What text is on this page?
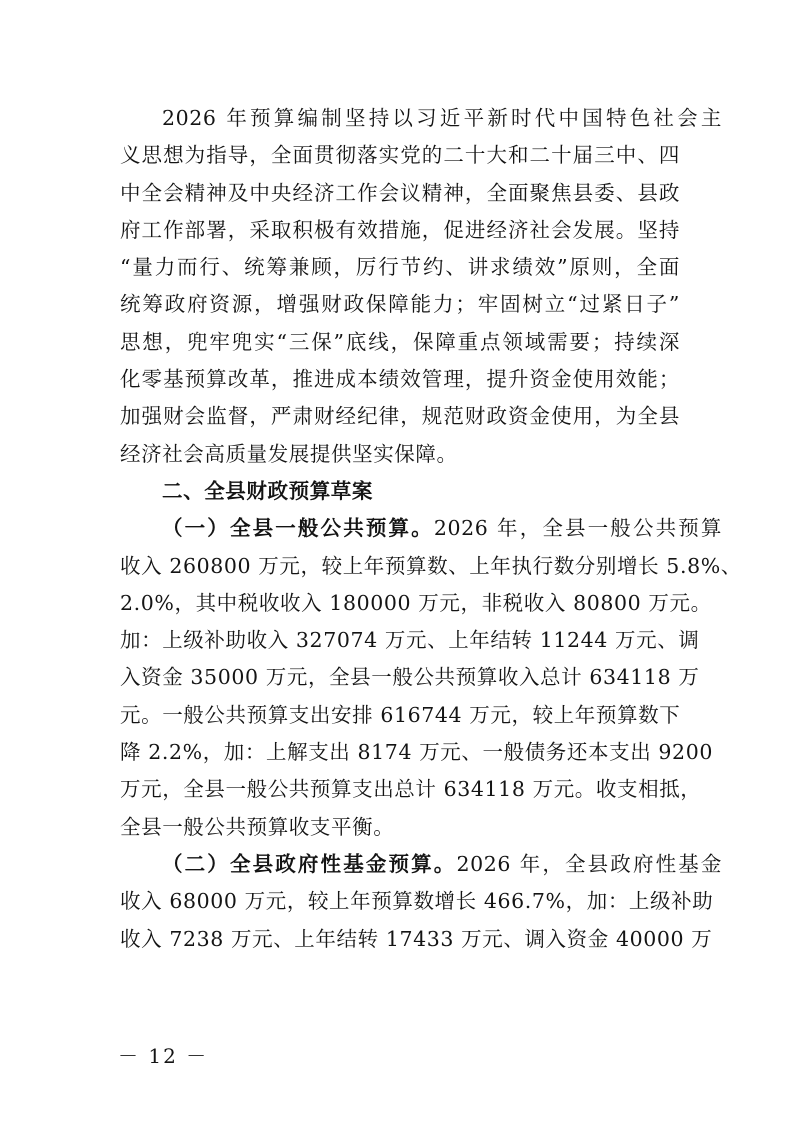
2026 年预算编制坚持以习近平新时代中国特色社会主

义思想为指导，全面贯彻落实党的二十大和二十届三中、四

中全会精神及中央经济工作会议精神，全面聚焦县委、县政

府工作部署，采取积极有效措施，促进经济社会发展。坚持

“量力而行、统筹兼顾，厉行节约、讲求绩效”原则，全面

统筹政府资源，增强财政保障能力；牢固树立“过紧日子”

思想，兜牢兜实“三保”底线，保障重点领域需要；持续深

化零基预算改革，推进成本绩效管理，提升资金使用效能；

加强财会监督，严肃财经纪律，规范财政资金使用，为全县

经济社会高质量发展提供坚实保障。

二、全县财政预算草案

（一）全县一般公共预算。2026 年，全县一般公共预算

收入 260800 万元，较上年预算数、上年执行数分别增长 5.8%、

2.0%，其中税收收入 180000 万元，非税收入 80800 万元。

加：上级补助收入 327074 万元、上年结转 11244 万元、调

入资金 35000 万元，全县一般公共预算收入总计 634118 万

元。一般公共预算支出安排 616744 万元，较上年预算数下

降 2.2%，加：上解支出 8174 万元、一般债务还本支出 9200

万元，全县一般公共预算支出总计 634118 万元。收支相抵，

全县一般公共预算收支平衡。

（二）全县政府性基金预算。2026 年，全县政府性基金

收入 68000 万元，较上年预算数增长 466.7%，加：上级补助

收入 7238 万元、上年结转 17433 万元、调入资金 40000 万

－ 12 －
